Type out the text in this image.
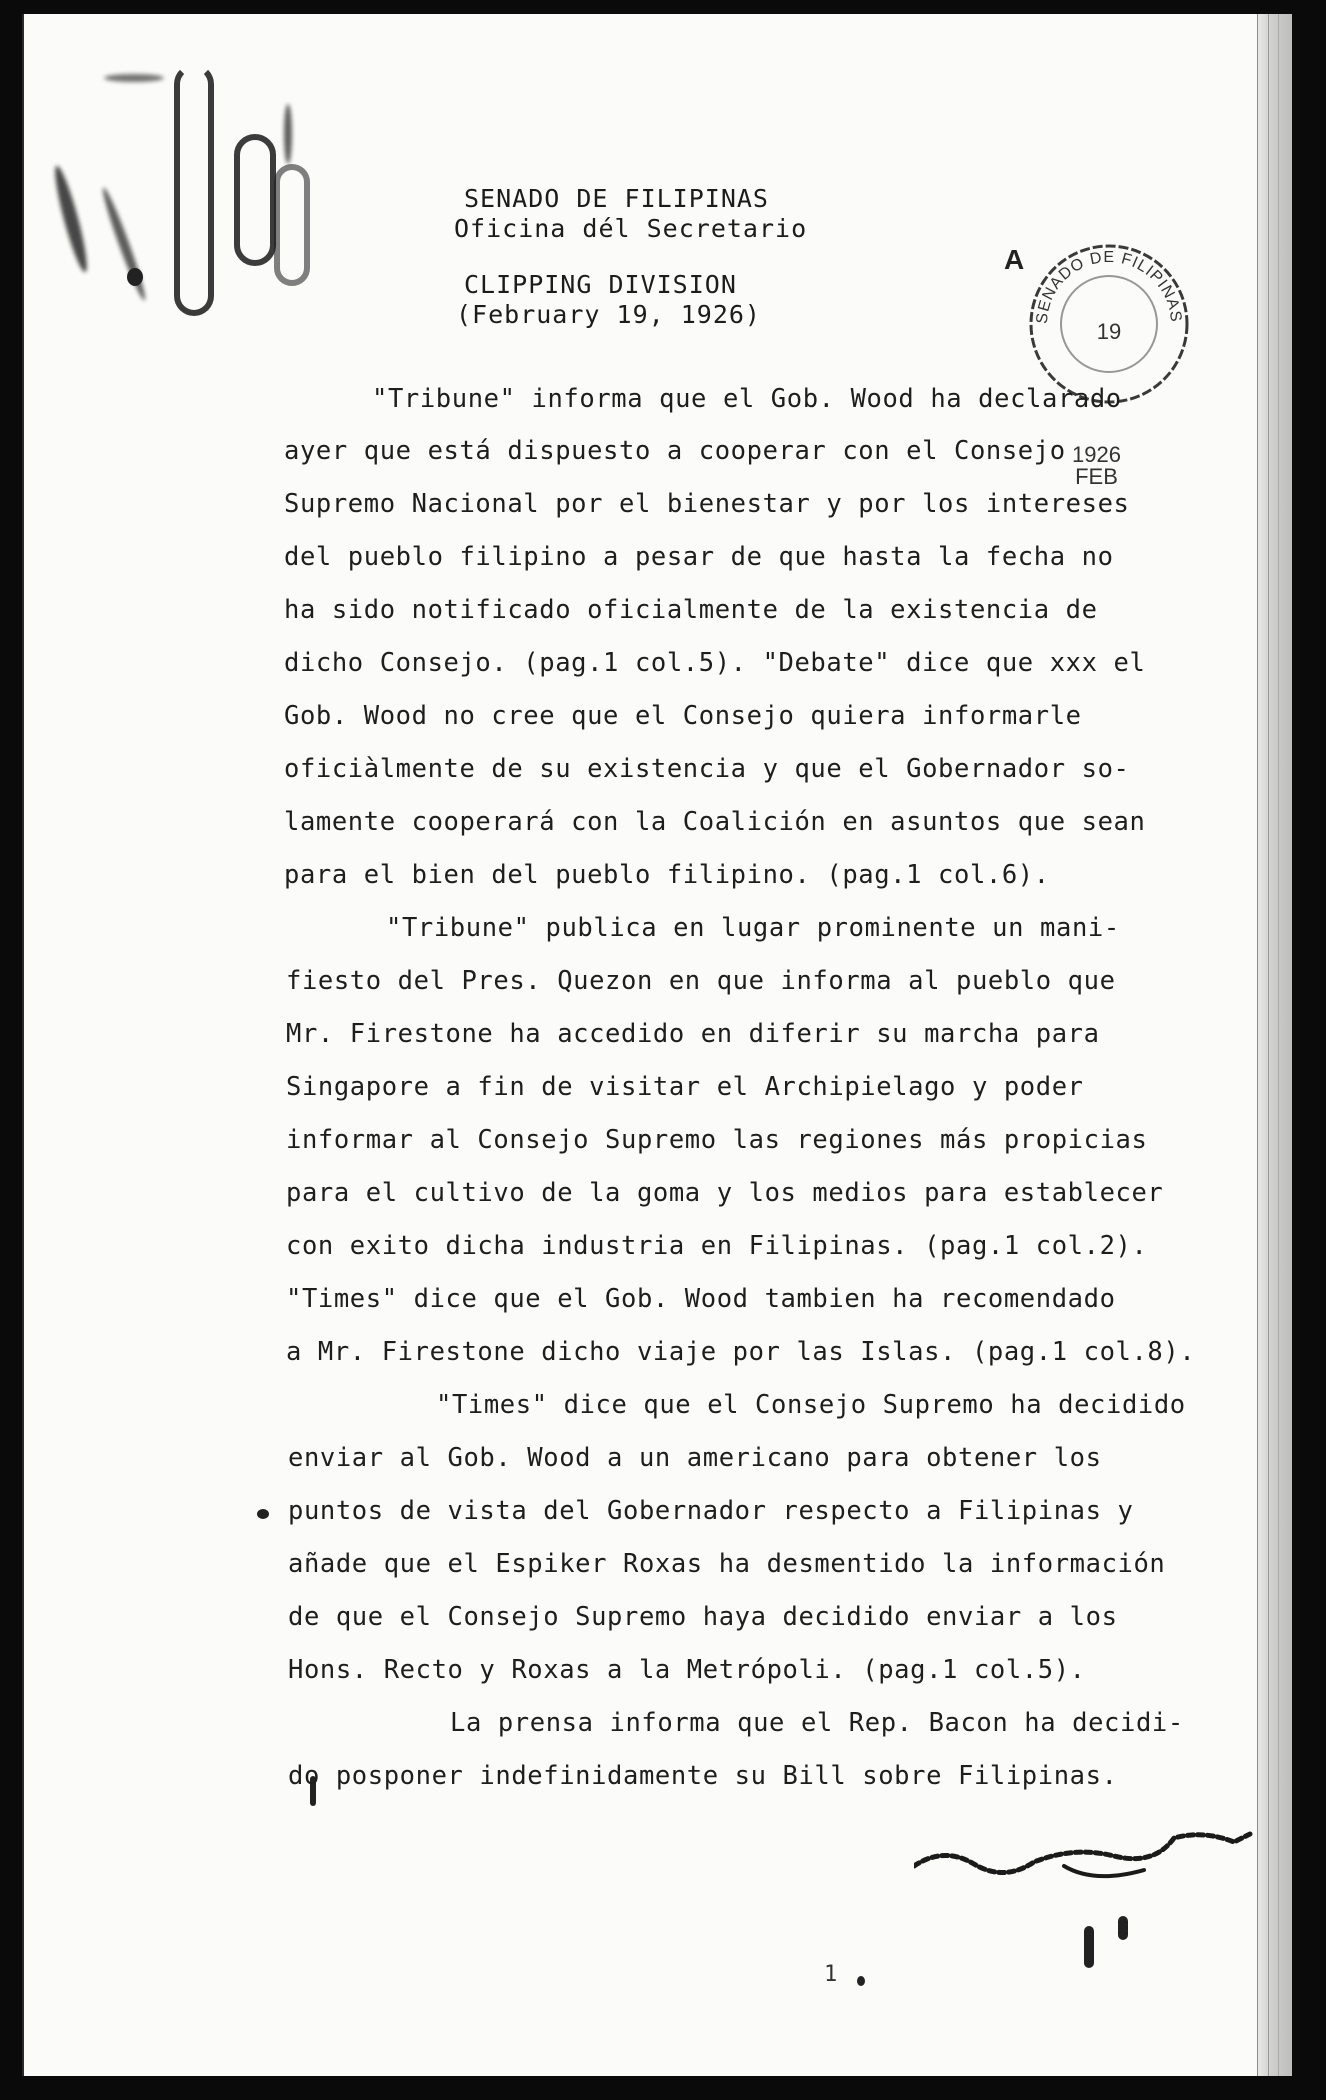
SENADO DE FILIPINAS
Oficina dél Secretario
CLIPPING DIVISION
(February 19, 1926)
A
SENADO DE FILIPINAS
19
1926
FEB
"Tribune" informa que el Gob. Wood ha declarado
ayer que está dispuesto a cooperar con el Consejo
Supremo Nacional por el bienestar y por los intereses
del pueblo filipino a pesar de que hasta la fecha no
ha sido notificado oficialmente de la existencia de
dicho Consejo. (pag.1 col.5). "Debate" dice que xxx el
Gob. Wood no cree que el Consejo quiera informarle
oficiàlmente de su existencia y que el Gobernador so-
lamente cooperará con la Coalición en asuntos que sean
para el bien del pueblo filipino. (pag.1 col.6).
"Tribune" publica en lugar prominente un mani-
fiesto del Pres. Quezon en que informa al pueblo que
Mr. Firestone ha accedido en diferir su marcha para
Singapore a fin de visitar el Archipielago y poder
informar al Consejo Supremo las regiones más propicias
para el cultivo de la goma y los medios para establecer
con exito dicha industria en Filipinas. (pag.1 col.2).
"Times" dice que el Gob. Wood tambien ha recomendado
a Mr. Firestone dicho viaje por las Islas. (pag.1 col.8).
"Times" dice que el Consejo Supremo ha decidido
enviar al Gob. Wood a un americano para obtener los
puntos de vista del Gobernador respecto a Filipinas y
añade que el Espiker Roxas ha desmentido la información
de que el Consejo Supremo haya decidido enviar a los
Hons. Recto y Roxas a la Metrópoli. (pag.1 col.5).
La prensa informa que el Rep. Bacon ha decidi-
do posponer indefinidamente su Bill sobre Filipinas.
1
